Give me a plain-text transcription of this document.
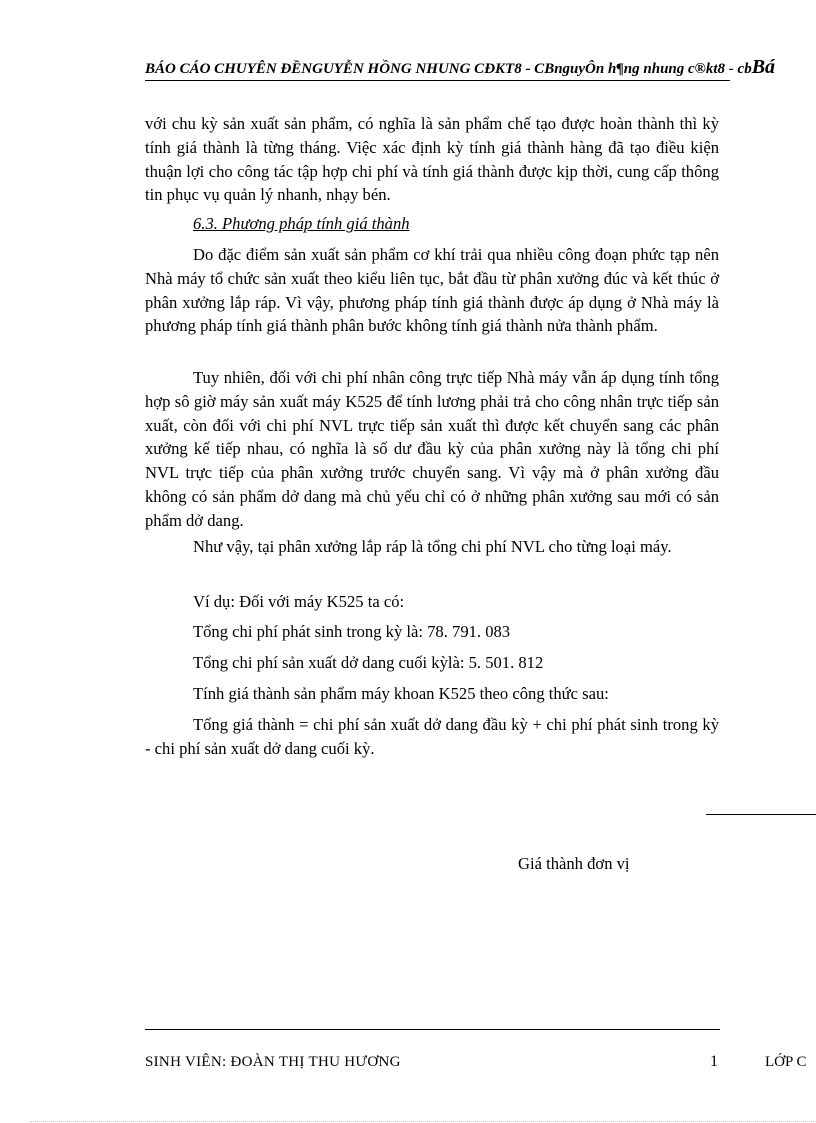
BÁO CÁO CHUYÊN ĐỀNGUYỄN HỒNG NHUNG CĐKT8 - CBnguyÔn h¶ng nhung c®kt8 - cbBá

với chu kỳ sản xuất sản phẩm, có nghĩa là sản phẩm chế tạo được hoàn thành thì kỳ tính giá thành là từng tháng. Việc xác định kỳ tính giá thành hàng đã tạo điều kiện thuận lợi cho công tác tập hợp chi phí và tính giá thành được kịp thời, cung cấp thông tin phục vụ quản lý nhanh, nhạy bén.

6.3. Phương pháp tính giá thành

Do đặc điểm sản xuất sản phẩm cơ khí trải qua nhiều công đoạn phức tạp nên Nhà máy tổ chức sản xuất theo kiểu liên tục, bắt đầu từ phân xưởng đúc và kết thúc ở phân xưởng lắp ráp. Vì vậy, phương pháp tính giá thành được áp dụng ở Nhà máy là phương pháp tính giá thành phân bước không tính giá thành nửa thành phẩm.

Tuy nhiên, đối với chi phí nhân công trực tiếp Nhà máy vẫn áp dụng tính tổng hợp sô giờ máy sản xuất máy K525 để tính lương phải trả cho công nhân trực tiếp sản xuất, còn đối với chi phí NVL trực tiếp sản xuất thì được kết chuyển sang các phân xưởng kế tiếp nhau, có nghĩa là số dư đầu kỳ của phân xưởng này là tổng chi phí NVL trực tiếp của phân xưởng trước chuyển sang. Vì vậy mà ở phân xưởng đầu không có sản phẩm dở dang mà chủ yếu chỉ có ở những phân xưởng sau mới có sản phẩm dở dang.

Như vậy, tại phân xưởng lắp ráp là tổng chi phí NVL cho từng loại máy.

Ví dụ: Đối với máy K525 ta có:

Tổng chi phí phát sinh trong kỳ là: 78. 791. 083

Tổng chi phí sản xuất dở dang cuối kỳlà: 5. 501. 812

Tính giá thành sản phẩm máy khoan K525 theo công thức sau:

Tổng giá thành = chi phí sản xuất dở dang đầu kỳ + chi phí phát sinh trong kỳ - chi phí sản xuất dở dang cuối kỳ.

Giá thành đơn vị

SINH VIÊN: ĐOÀN THỊ THU HƯƠNG	1	LỚP C
